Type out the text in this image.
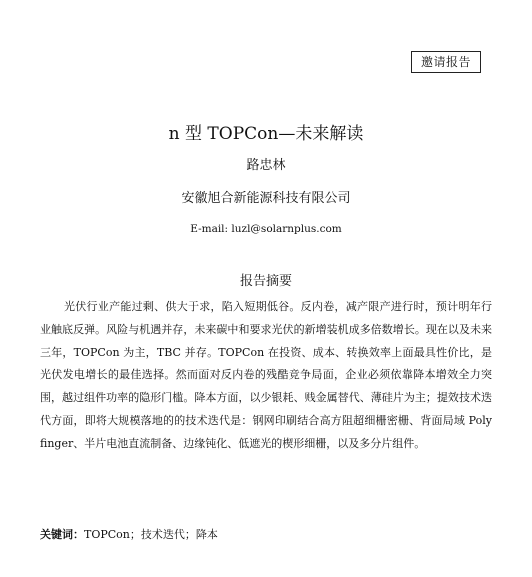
邀请报告
n 型 TOPCon—未来解读
路忠林
安徽旭合新能源科技有限公司
E-mail: luzl@solarnplus.com
报告摘要

光伏行业产能过剩、供大于求，陷入短期低谷。反内卷，减产限产进行时，预计明年行业触底反弹。风险与机遇并存，未来碳中和要求光伏的新增装机成多倍数增长。现在以及未来三年，TOPCon 为主，TBC 并存。TOPCon 在投资、成本、转换效率上面最具性价比，是光伏发电增长的最佳选择。然而面对反内卷的残酷竞争局面，企业必须依靠降本增效全力突围，越过组件功率的隐形门槛。降本方面，以少银耗、贱金属替代、薄硅片为主；提效技术迭代方面，即将大规模落地的的技术迭代是：钢网印刷结合高方阻超细栅密栅、背面局域 Poly finger、半片电池直流制备、边缘钝化、低遮光的楔形细栅，以及多分片组件。

关键词：TOPCon；技术迭代；降本
